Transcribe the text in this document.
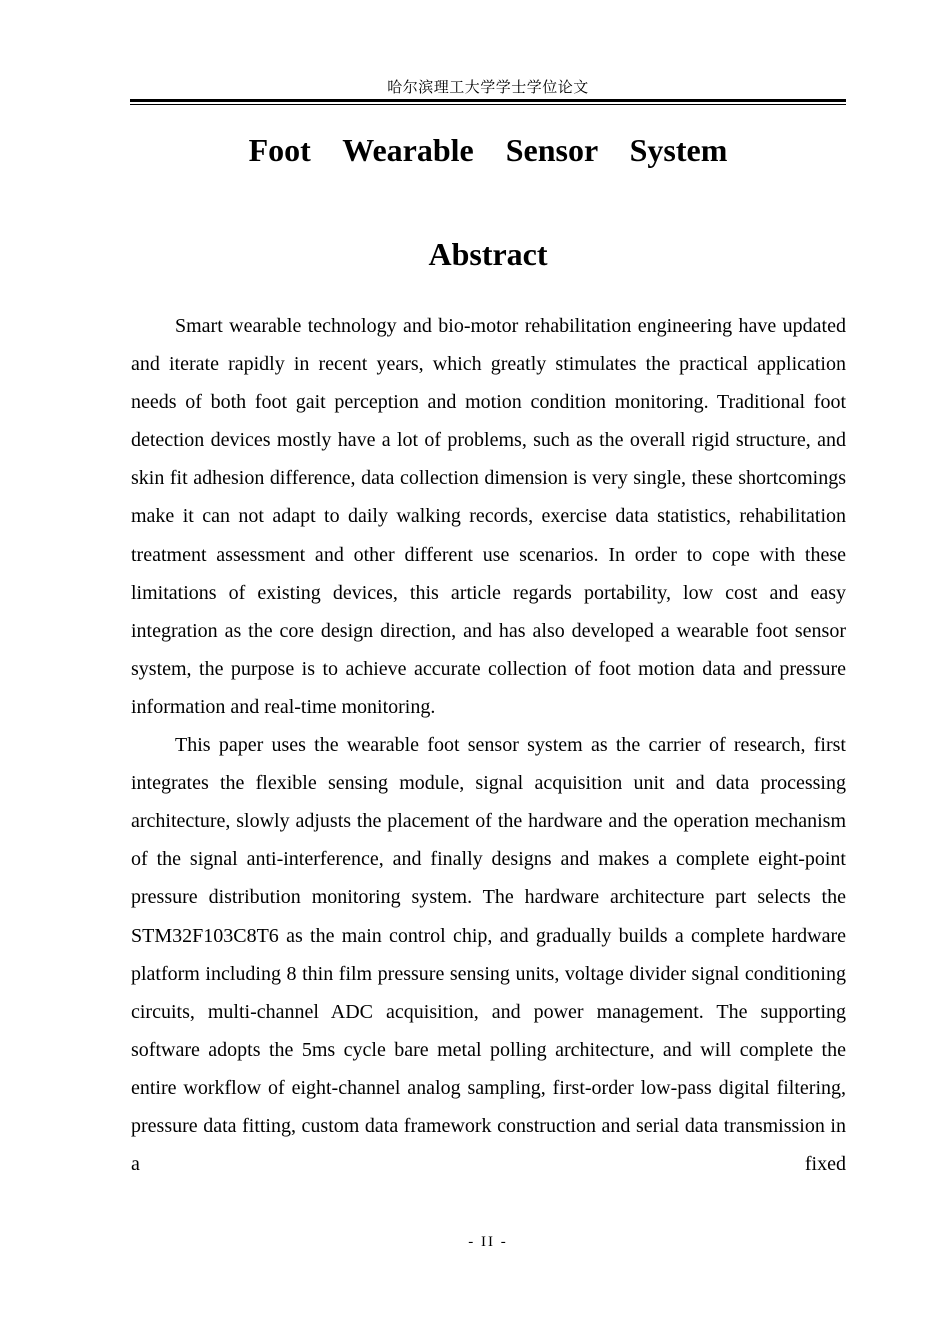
哈尔滨理工大学学士学位论文
Foot  Wearable  Sensor  System
Abstract

Smart wearable technology and bio-motor rehabilitation engineering have updated and iterate rapidly in recent years, which greatly stimulates the practical application needs of both foot gait perception and motion condition monitoring. Traditional foot detection devices mostly have a lot of problems, such as the overall rigid structure, and skin fit adhesion difference, data collection dimension is very single, these shortcomings make it can not adapt to daily walking records, exercise data statistics, rehabilitation treatment assessment and other different use scenarios. In order to cope with these limitations of existing devices, this article regards portability, low cost and easy integration as the core design direction, and has also developed a wearable foot sensor system, the purpose is to achieve accurate collection of foot motion data and pressure information and real-time monitoring.

This paper uses the wearable foot sensor system as the carrier of research, first integrates the flexible sensing module, signal acquisition unit and data processing architecture, slowly adjusts the placement of the hardware and the operation mechanism of the signal anti-interference, and finally designs and makes a complete eight-point pressure distribution monitoring system. The hardware architecture part selects the STM32F103C8T6 as the main control chip, and gradually builds a complete hardware platform including 8 thin film pressure sensing units, voltage divider signal conditioning circuits, multi-channel ADC acquisition, and power management. The supporting software adopts the 5ms cycle bare metal polling architecture, and will complete the entire workflow of eight-channel analog sampling, first-order low-pass digital filtering, pressure data fitting, custom data framework construction and serial data transmission in a fixed

- II -
